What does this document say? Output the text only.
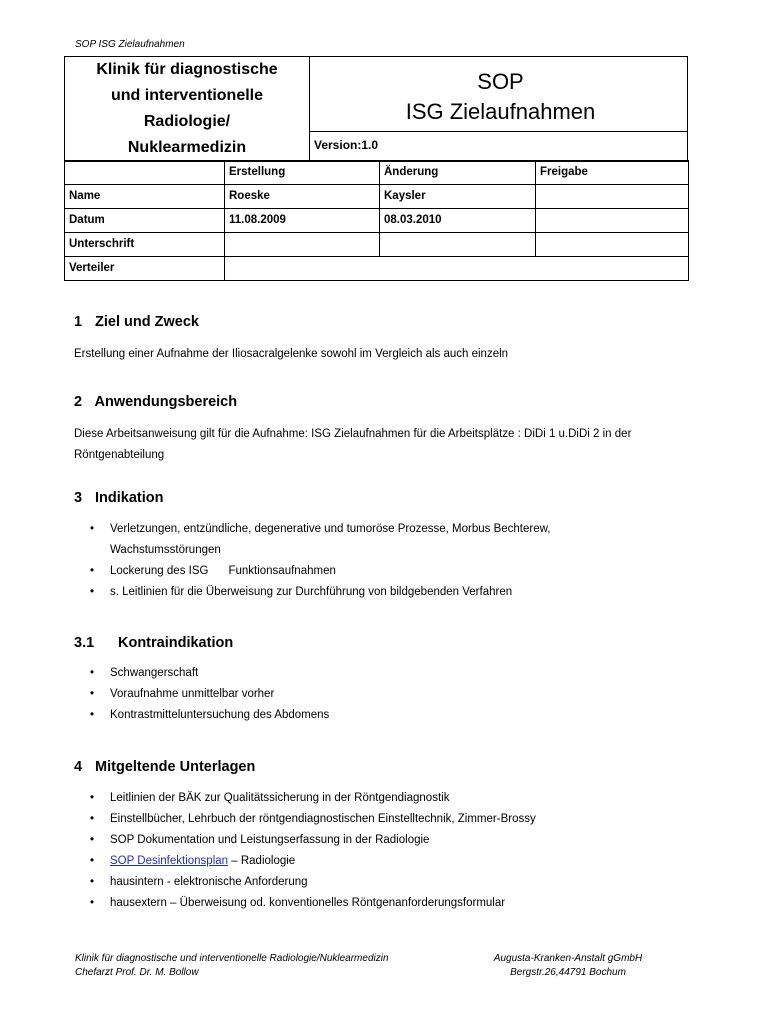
SOP ISG Zielaufnahmen
Klinik für diagnostische
und interventionelle
Radiologie/
Nuklearmedizin

SOP
ISG Zielaufnahmen

Version:1.0
	Erstellung	Änderung	Freigabe
Name	Roeske	Kaysler	
Datum	11.08.2009	08.03.2010	
Unterschrift			
Verteiler			
1 Ziel und Zweck

Erstellung einer Aufnahme der Iliosacralgelenke sowohl im Vergleich als auch einzeln

2 Anwendungsbereich

Diese Arbeitsanweisung gilt für die Aufnahme: ISG Zielaufnahmen für die Arbeitsplätze : DiDi 1 u.DiDi 2 in der
Röntgenabteilung

3 Indikation
• Verletzungen, entzündliche, degenerative und tumoröse Prozesse, Morbus Bechterew,
Wachstumsstörungen
• Lockerung des ISG Funktionsaufnahmen
• s. Leitlinien für die Überweisung zur Durchführung von bildgebenden Verfahren
3.1 Kontraindikation
• Schwangerschaft
• Voraufnahme unmittelbar vorher
• Kontrastmitteluntersuchung des Abdomens
4 Mitgeltende Unterlagen
• Leitlinien der BÄK zur Qualitätssicherung in der Röntgendiagnostik
• Einstellbücher, Lehrbuch der röntgendiagnostischen Einstelltechnik, Zimmer-Brossy
• SOP Dokumentation und Leistungserfassung in der Radiologie
• SOP Desinfektionsplan – Radiologie
• hausintern - elektronische Anforderung
• hausextern – Überweisung od. konventionelles Röntgenanforderungsformular
Klinik für diagnostische und interventionelle Radiologie/Nuklearmedizin
Chefarzt Prof. Dr. M. Bollow
Augusta-Kranken-Anstalt gGmbH
Bergstr.26,44791 Bochum
